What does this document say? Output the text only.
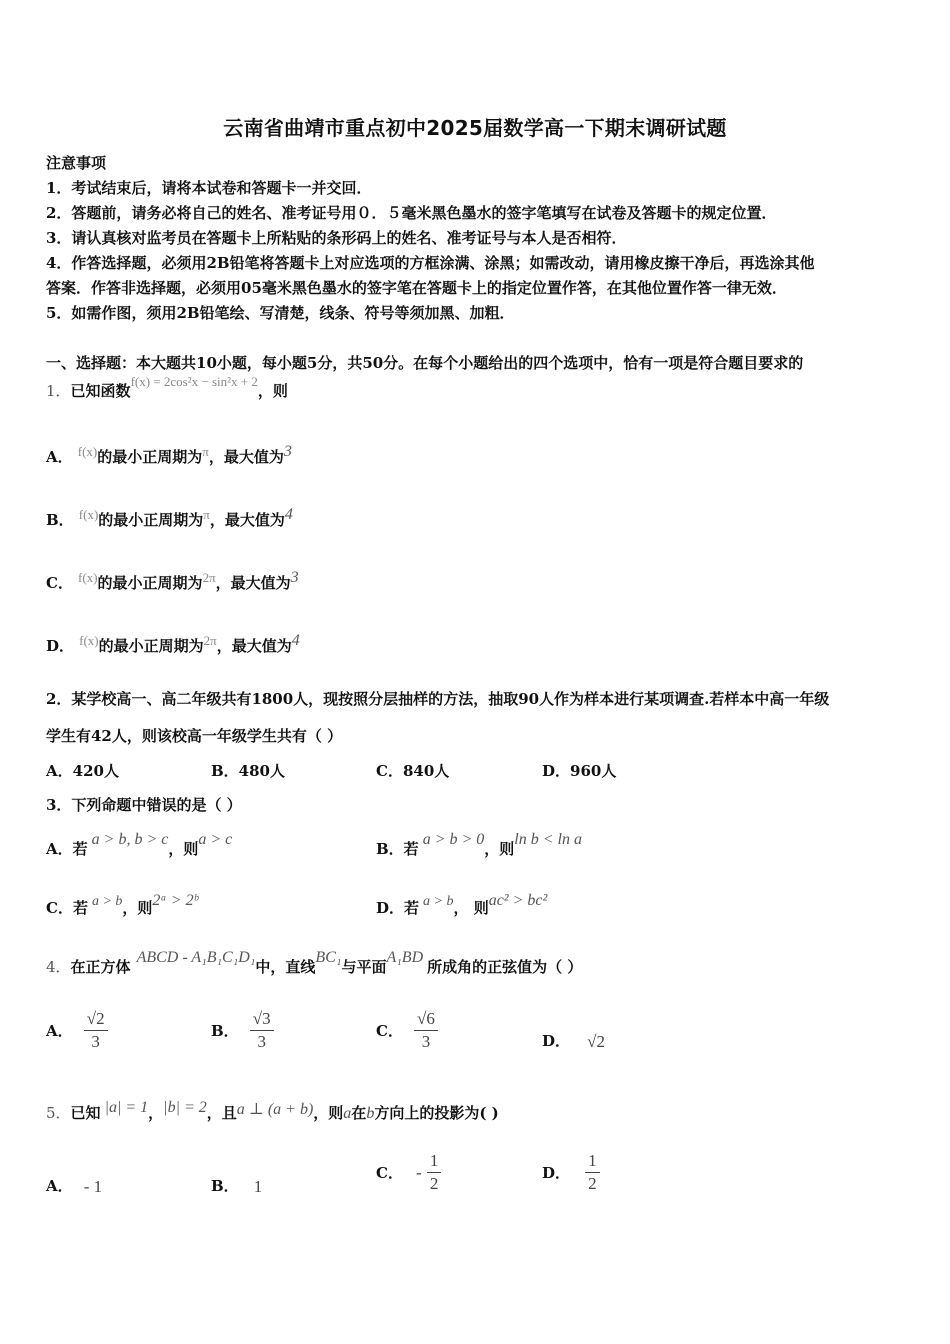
云南省曲靖市重点初中2025届数学高一下期末调研试题
注意事项
1．考试结束后，请将本试卷和答题卡一并交回．
2．答题前，请务必将自己的姓名、准考证号用０．５毫米黑色墨水的签字笔填写在试卷及答题卡的规定位置．
3．请认真核对监考员在答题卡上所粘贴的条形码上的姓名、准考证号与本人是否相符．
4．作答选择题，必须用2B铅笔将答题卡上对应选项的方框涂满、涂黑；如需改动，请用橡皮擦干净后，再选涂其他
答案．作答非选择题，必须用05毫米黑色墨水的签字笔在答题卡上的指定位置作答，在其他位置作答一律无效．
5．如需作图，须用2B铅笔绘、写清楚，线条、符号等须加黑、加粗．
一、选择题：本大题共10小题，每小题5分，共50分。在每个小题给出的四个选项中，恰有一项是符合题目要求的
1．已知函数$^{f(x) = 2cos^2x - sin^2x + 2}$，则
A． $^{f(x)}$的最小正周期为$^\pi$，最大值为3
B． $^{f(x)}$的最小正周期为$^\pi$，最大值为4
C． $^{f(x)}$的最小正周期为$^{2\pi}$，最大值为3
D． $^{f(x)}$的最小正周期为$^{2\pi}$，最大值为4
2．某学校高一、高二年级共有1800人，现按照分层抽样的方法，抽取90人作为样本进行某项调查.若样本中高一年级
学生有42人，则该校高一年级学生共有（ ）
A．420人	B．480人	C．840人	D．960人
3．下列命题中错误的是（ ）
A．若a > b, b > c，则a > c
B．若a > b > 0，则ln b < ln a
C．若 a > b，则2ᵃ > 2ᵇ	D．若 a > b， 则ac² > bc²
4．在正方体ABCD - A₁B₁C₁D₁中，直线BC₁与平面A₁BD所成角的正弦值为（ ）
A． $\frac{√2}{3}$	B． $\frac{√3}{3}$	C． $\frac{√6}{3}$	D． √2
5．已知 |a| = 1，|b| = 2，且a ⊥ (a + b)，则a在b方向上的投影为( )
A． - 1	B． 1
C． - $\frac{1}{2}$	D． $\frac{1}{2}$
